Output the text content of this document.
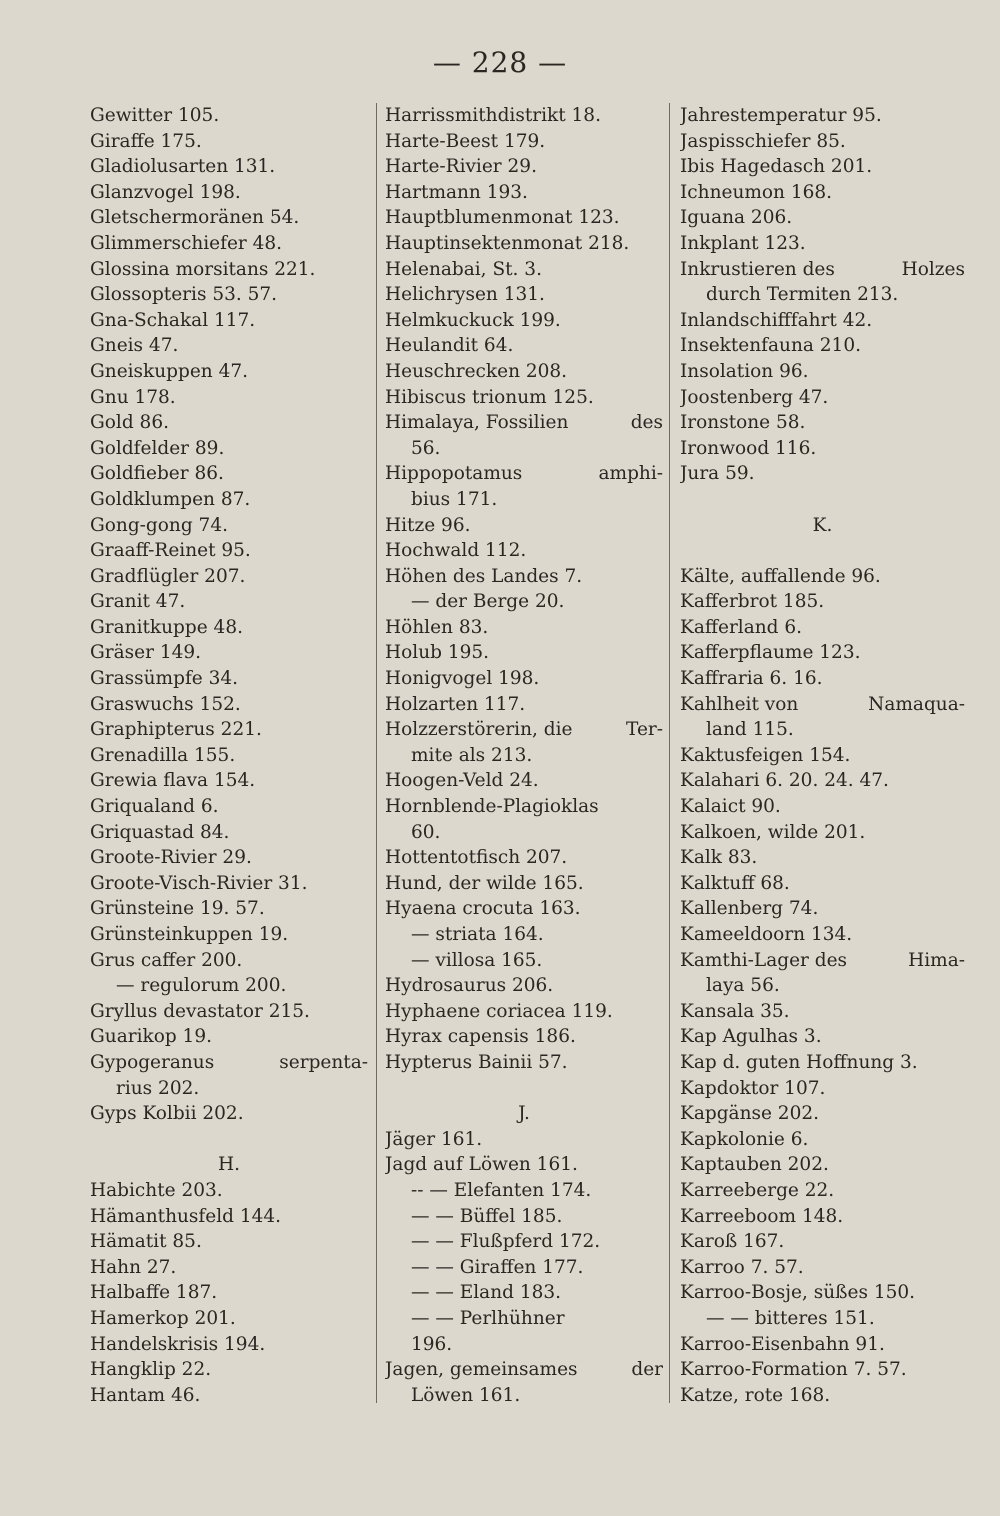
— 228 —
Gewitter 105.
Giraffe 175.
Gladiolusarten 131.
Glanzvogel 198.
Gletschermoränen 54.
Glimmerschiefer 48.
Glossina morsitans 221.
Glossopteris 53. 57.
Gna-Schakal 117.
Gneis 47.
Gneiskuppen 47.
Gnu 178.
Gold 86.
Goldfelder 89.
Goldfieber 86.
Goldklumpen 87.
Gong-gong 74.
Graaff-Reinet 95.
Gradflügler 207.
Granit 47.
Granitkuppe 48.
Gräser 149.
Grassümpfe 34.
Graswuchs 152.
Graphipterus 221.
Grenadilla 155.
Grewia flava 154.
Griqualand 6.
Griquastad 84.
Groote-Rivier 29.
Groote-Visch-Rivier 31.
Grünsteine 19. 57.
Grünsteinkuppen 19.
Grus caffer 200.
— regulorum 200.
Gryllus devastator 215.
Guarikop 19.
Gypogeranus	serpenta-
rius 202.
Gyps Kolbii 202.
H.
Habichte 203.
Hämanthusfeld 144.
Hämatit 85.
Hahn 27.
Halbaffe 187.
Hamerkop 201.
Handelskrisis 194.
Hangklip 22.
Hantam 46.
Harrissmithdistrikt 18.
Harte-Beest 179.
Harte-Rivier 29.
Hartmann 193.
Hauptblumenmonat 123.
Hauptinsektenmonat 218.
Helenabai, St. 3.
Helichrysen 131.
Helmkuckuck 199.
Heulandit 64.
Heuschrecken 208.
Hibiscus trionum 125.
Himalaya, Fossilien	des
56.
Hippopotamus	amphi-
bius 171.
Hitze 96.
Hochwald 112.
Höhen des Landes 7.
— der Berge 20.
Höhlen 83.
Holub 195.
Honigvogel 198.
Holzarten 117.
Holzzerstörerin, die	Ter-
mite als 213.
Hoogen-Veld 24.
Hornblende-Plagioklas
60.
Hottentotfisch 207.
Hund, der wilde 165.
Hyaena crocuta 163.
— striata 164.
— villosa 165.
Hydrosaurus 206.
Hyphaene coriacea 119.
Hyrax capensis 186.
Hypterus Bainii 57.
J.
Jäger 161.
Jagd auf Löwen 161.
-- — Elefanten 174.
— — Büffel 185.
— — Flußpferd 172.
— — Giraffen 177.
— — Eland 183.
— — Perlhühner
196.
Jagen, gemeinsames	der
Löwen 161.
Jahrestemperatur 95.
Jaspisschiefer 85.
Ibis Hagedasch 201.
Ichneumon 168.
Iguana 206.
Inkplant 123.
Inkrustieren des	Holzes
durch Termiten 213.
Inlandschifffahrt 42.
Insektenfauna 210.
Insolation 96.
Joostenberg 47.
Ironstone 58.
Ironwood 116.
Jura 59.
K.
Kälte, auffallende 96.
Kafferbrot 185.
Kafferland 6.
Kafferpflaume 123.
Kaffraria 6. 16.
Kahlheit von	Namaqua-
land 115.
Kaktusfeigen 154.
Kalahari 6. 20. 24. 47.
Kalaict 90.
Kalkoen, wilde 201.
Kalk 83.
Kalktuff 68.
Kallenberg 74.
Kameeldoorn 134.
Kamthi-Lager des	Hima-
laya 56.
Kansala 35.
Kap Agulhas 3.
Kap d. guten Hoffnung 3.
Kapdoktor 107.
Kapgänse 202.
Kapkolonie 6.
Kaptauben 202.
Karreeberge 22.
Karreeboom 148.
Karoß 167.
Karroo 7. 57.
Karroo-Bosje, süßes 150.
— — bitteres 151.
Karroo-Eisenbahn 91.
Karroo-Formation 7. 57.
Katze, rote 168.
